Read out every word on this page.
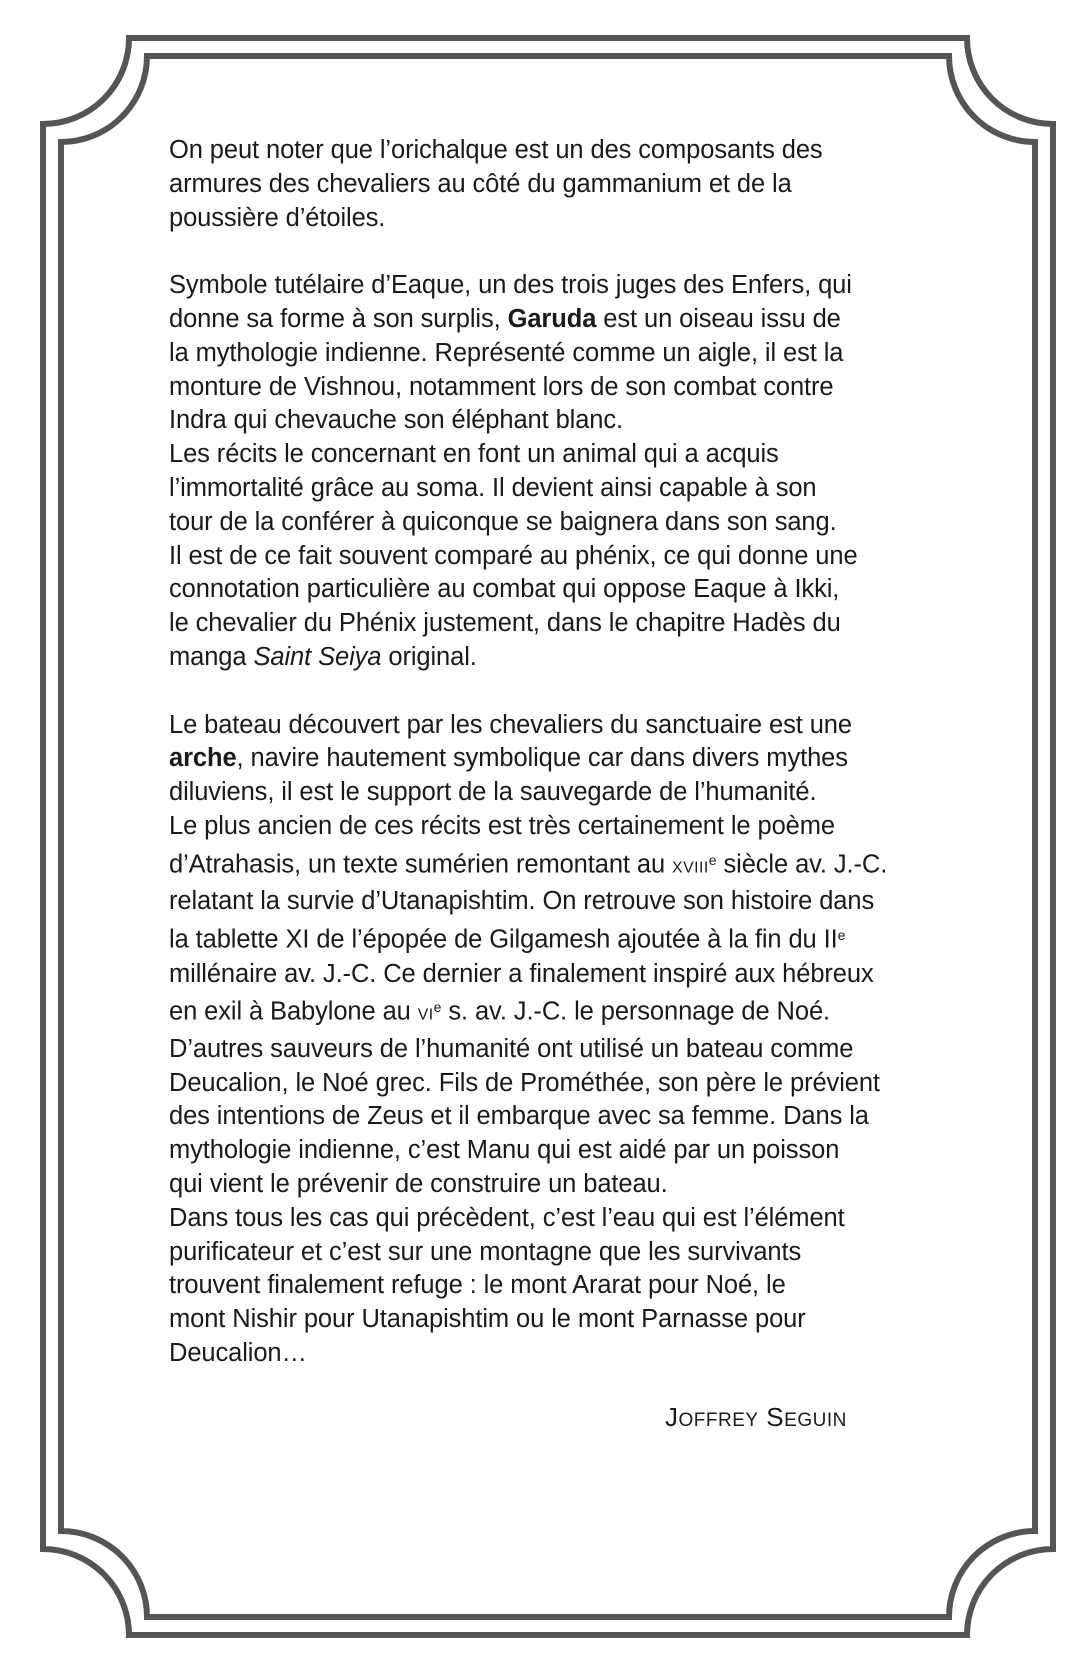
On peut noter que l’orichalque est un des composants des
armures des chevaliers au côté du gammanium et de la
poussière d’étoiles.
Symbole tutélaire d’Eaque, un des trois juges des Enfers, qui
donne sa forme à son surplis, Garuda est un oiseau issu de
la mythologie indienne. Représenté comme un aigle, il est la
monture de Vishnou, notamment lors de son combat contre
Indra qui chevauche son éléphant blanc.
Les récits le concernant en font un animal qui a acquis
l’immortalité grâce au soma. Il devient ainsi capable à son
tour de la conférer à quiconque se baignera dans son sang.
Il est de ce fait souvent comparé au phénix, ce qui donne une
connotation particulière au combat qui oppose Eaque à Ikki,
le chevalier du Phénix justement, dans le chapitre Hadès du
manga Saint Seiya original.
Le bateau découvert par les chevaliers du sanctuaire est une
arche, navire hautement symbolique car dans divers mythes
diluviens, il est le support de la sauvegarde de l’humanité.
Le plus ancien de ces récits est très certainement le poème
d’Atrahasis, un texte sumérien remontant au XVIIIe siècle av. J.-C.
relatant la survie d’Utanapishtim. On retrouve son histoire dans
la tablette XI de l’épopée de Gilgamesh ajoutée à la fin du IIe
millénaire av. J.-C. Ce dernier a finalement inspiré aux hébreux
en exil à Babylone au VIe s. av. J.-C. le personnage de Noé.
D’autres sauveurs de l’humanité ont utilisé un bateau comme
Deucalion, le Noé grec. Fils de Prométhée, son père le prévient
des intentions de Zeus et il embarque avec sa femme. Dans la
mythologie indienne, c’est Manu qui est aidé par un poisson
qui vient le prévenir de construire un bateau.
Dans tous les cas qui précèdent, c’est l’eau qui est l’élément
purificateur et c’est sur une montagne que les survivants
trouvent finalement refuge : le mont Ararat pour Noé, le
mont Nishir pour Utanapishtim ou le mont Parnasse pour
Deucalion…
JOFFREY SEGUIN
